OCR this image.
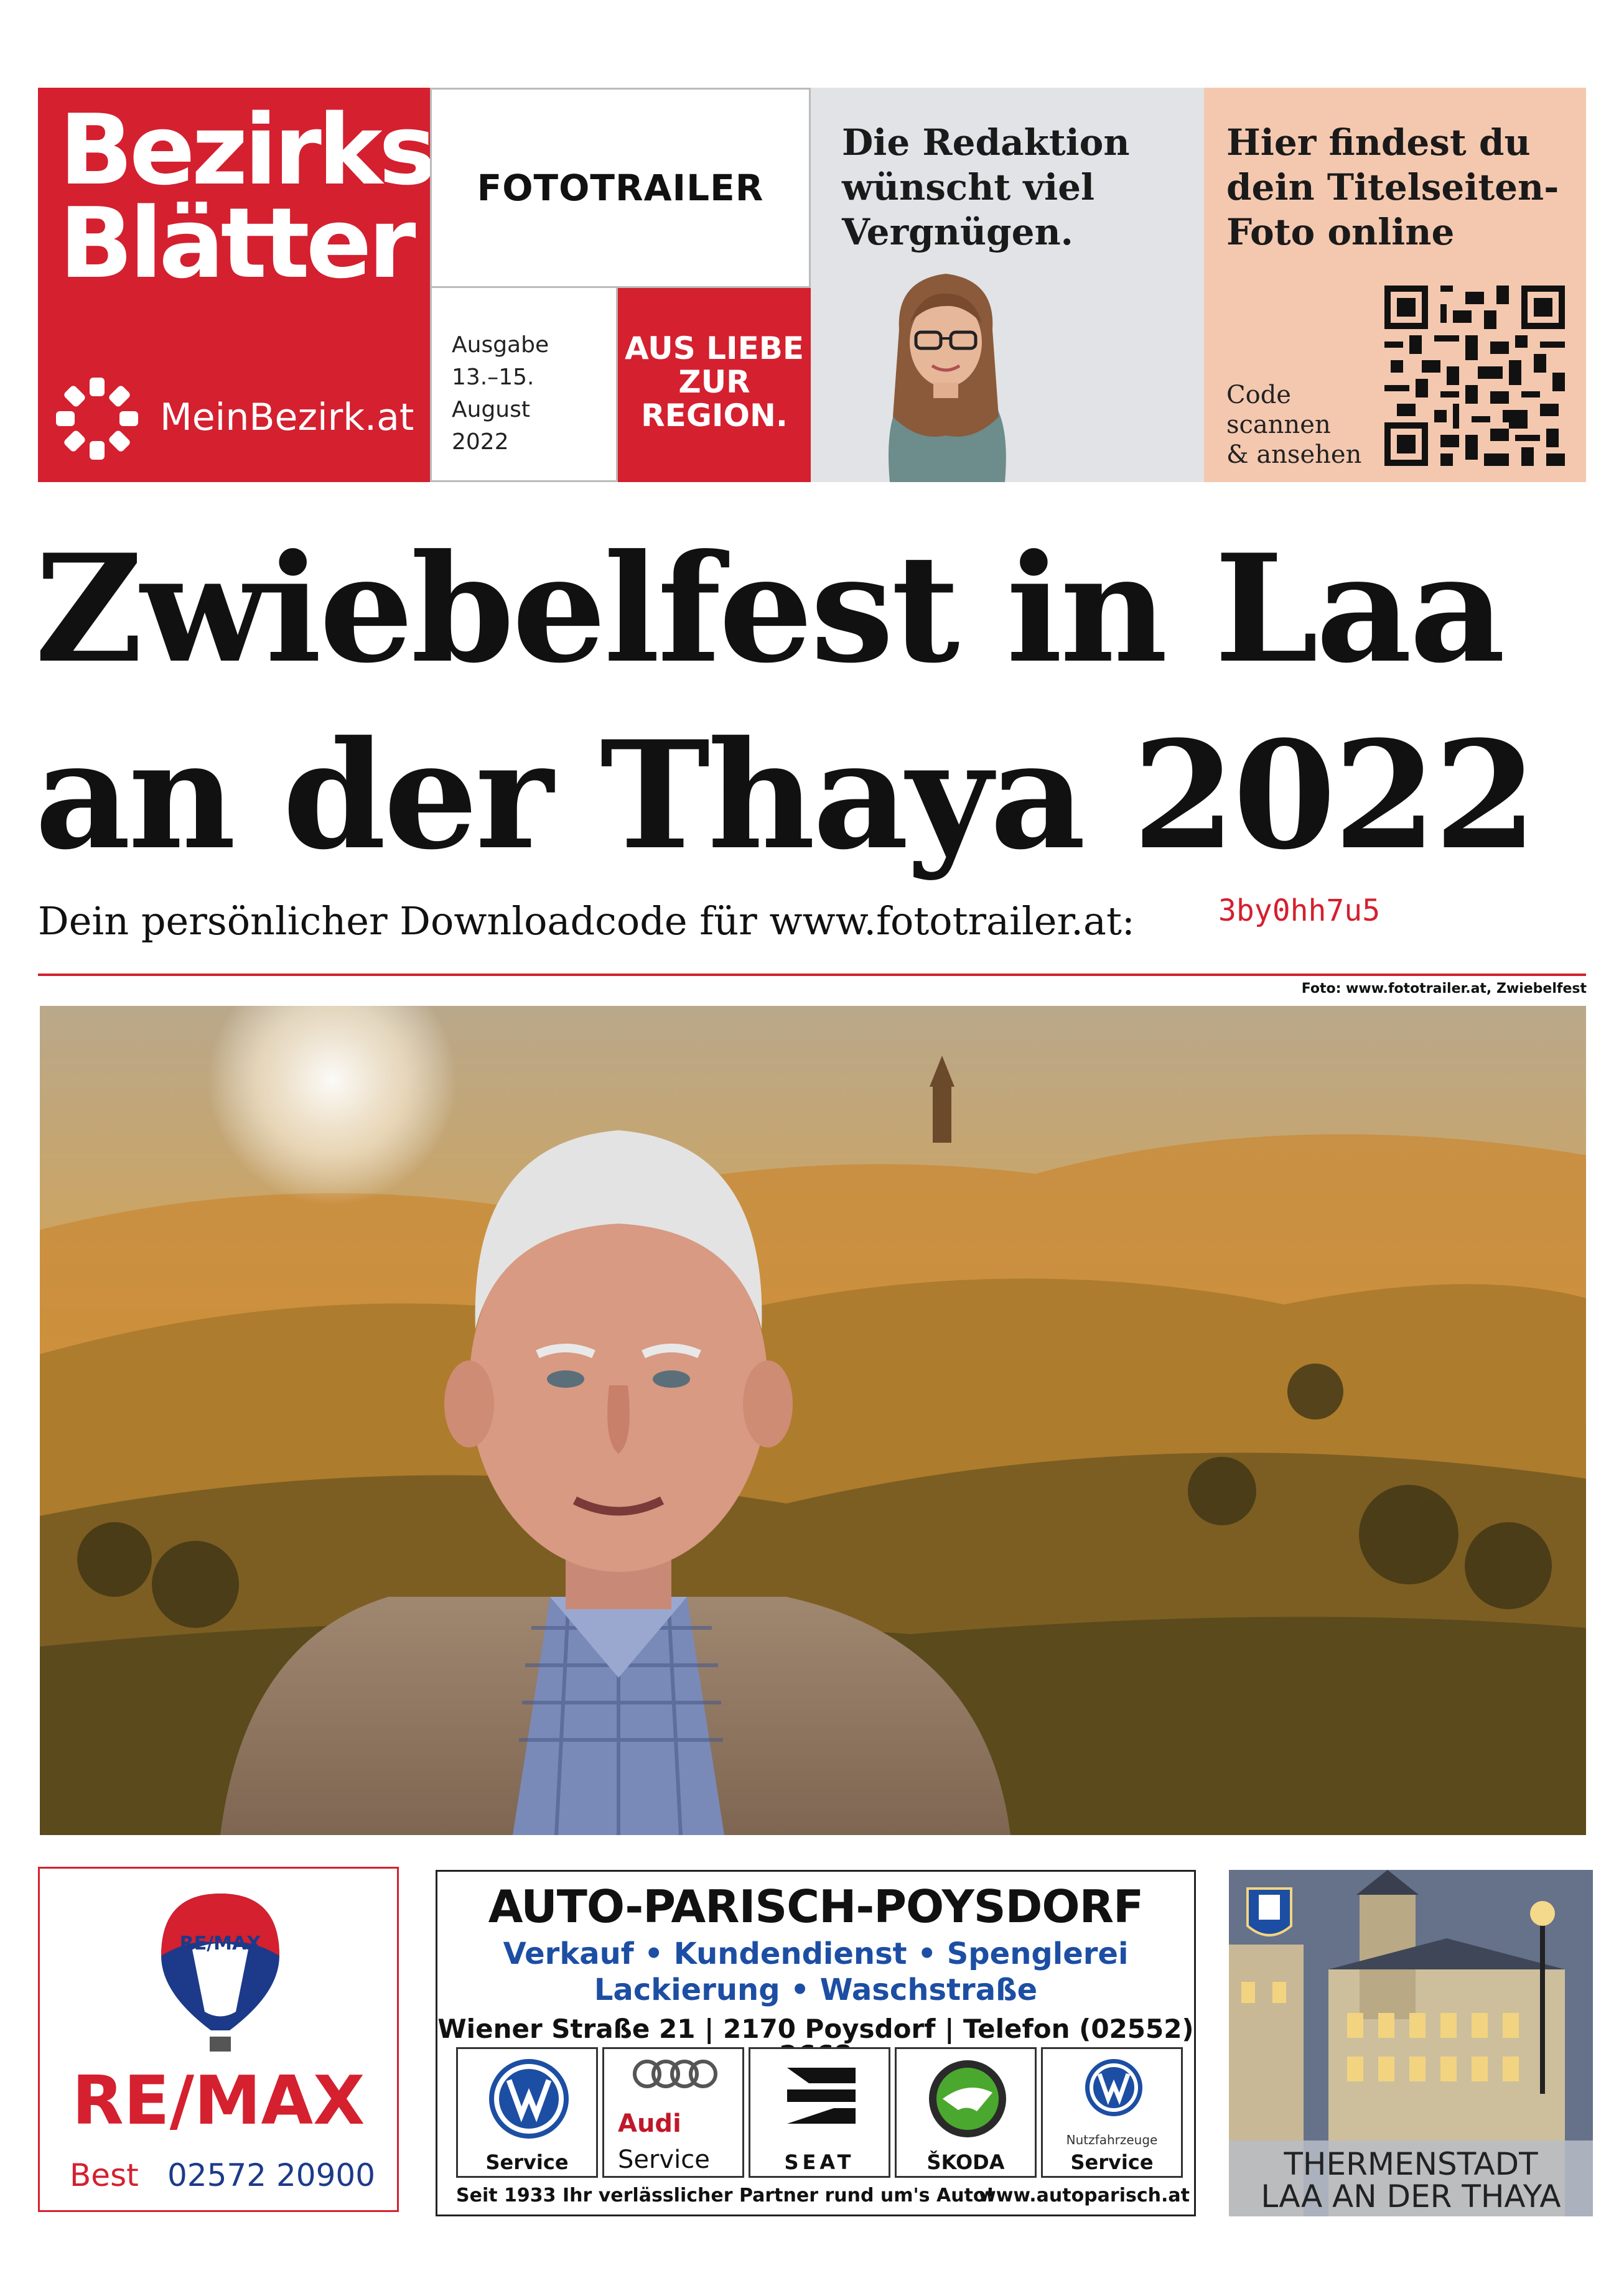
Bezirks
Blätter
MeinBezirk.at
FOTOTRAILER
Ausgabe
13.–15. August
2022
AUS LIEBE
ZUR
REGION.
Die Redaktion
wünscht viel
Vergnügen.
Hier findest du
dein Titelseiten-
Foto online
Code
scannen
& ansehen
Zwiebelfest in Laa
an der Thaya 2022
Dein persönlicher Downloadcode für www.fototrailer.at:	3by0hh7u5
Foto: www.fototrailer.at, Zwiebelfest
RE/MAX
RE/MAX
Best 02572 20900
AUTO-PARISCH-POYSDORF
Verkauf • Kundendienst • Spenglerei
Lackierung • Waschstraße
Wiener Straße 21 | 2170 Poysdorf | Telefon (02552)
Service
Audi
Service	SEAT	ŠKODA
Nutzfahrzeuge
Service
Seit 1933 Ihr verlässlicher Partner rund um's Auto!
www.autoparisch.at
THERMENSTADT
LAA AN DER THAYA
